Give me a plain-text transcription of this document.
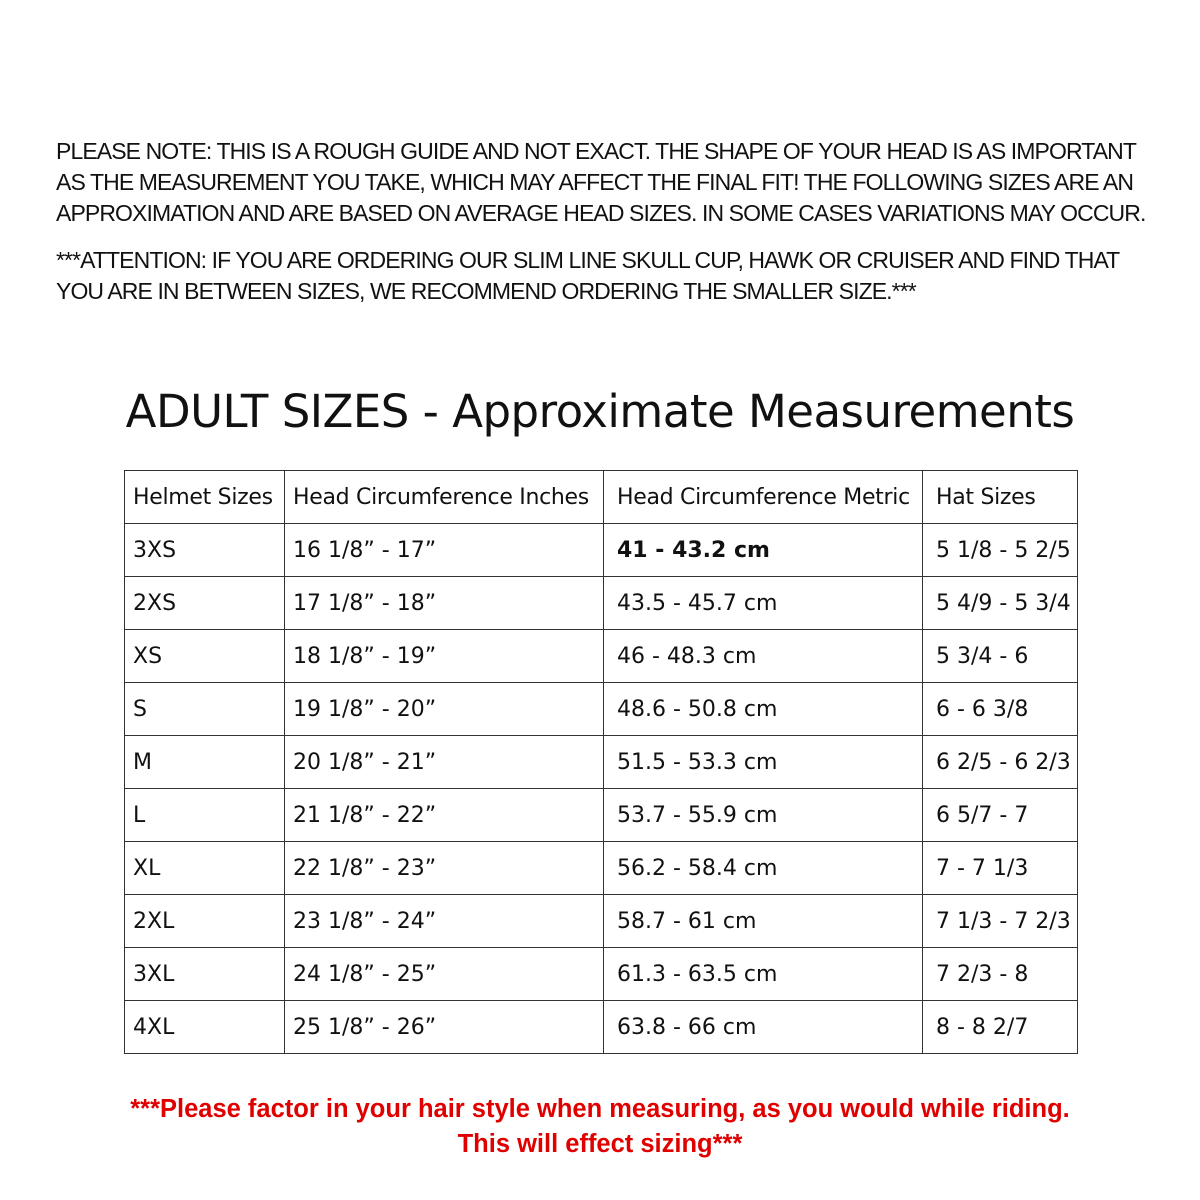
PLEASE NOTE: THIS IS A ROUGH GUIDE AND NOT EXACT. THE SHAPE OF YOUR HEAD IS AS IMPORTANT
AS THE MEASUREMENT YOU TAKE, WHICH MAY AFFECT THE FINAL FIT! THE FOLLOWING SIZES ARE AN
APPROXIMATION AND ARE BASED ON AVERAGE HEAD SIZES. IN SOME CASES VARIATIONS MAY OCCUR.
***ATTENTION: IF YOU ARE ORDERING OUR SLIM LINE SKULL CUP, HAWK OR CRUISER AND FIND THAT
YOU ARE IN BETWEEN SIZES, WE RECOMMEND ORDERING THE SMALLER SIZE.***
ADULT SIZES - Approximate Measurements
Helmet Sizes	Head Circumference Inches	Head Circumference Metric	Hat Sizes
3XS	16 1/8” - 17”	41 - 43.2 cm	5 1/8 - 5 2/5
2XS	17 1/8” - 18”	43.5 - 45.7 cm	5 4/9 - 5 3/4
XS	18 1/8” - 19”	46 - 48.3 cm	5 3/4 - 6
S	19 1/8” - 20”	48.6 - 50.8 cm	6 - 6 3/8
M	20 1/8” - 21”	51.5 - 53.3 cm	6 2/5 - 6 2/3
L	21 1/8” - 22”	53.7 - 55.9 cm	6 5/7 - 7
XL	22 1/8” - 23”	56.2 - 58.4 cm	7 - 7 1/3
2XL	23 1/8” - 24”	58.7 - 61 cm	7 1/3 - 7 2/3
3XL	24 1/8” - 25”	61.3 - 63.5 cm	7 2/3 - 8
4XL	25 1/8” - 26”	63.8 - 66 cm	8 - 8 2/7
***Please factor in your hair style when measuring, as you would while riding.
This will effect sizing***
